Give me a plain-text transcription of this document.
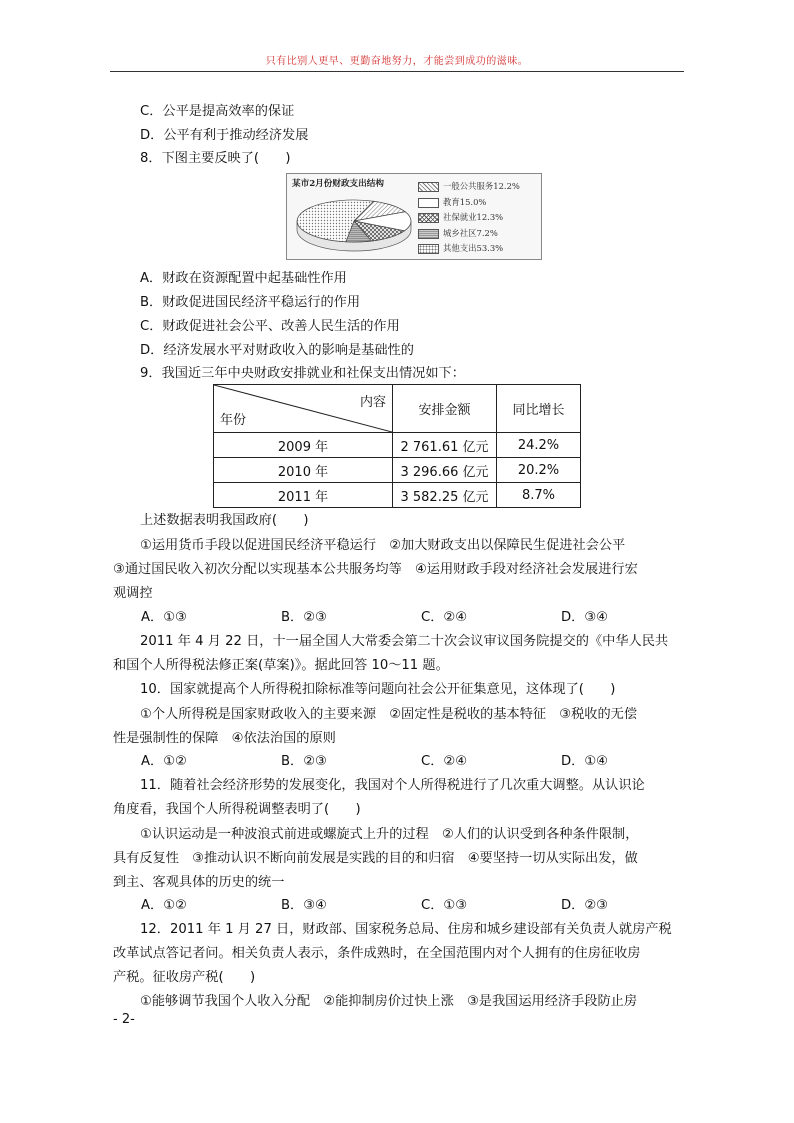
只有比别人更早、更勤奋地努力，才能尝到成功的滋味。
C．公平是提高效率的保证
D．公平有利于推动经济发展
8．下图主要反映了(　　)
某市2月份财政支出结构	一般公共服务12.2%
教育15.0%
社保就业12.3%
城乡社区7.2%
其他支出53.3%
A．财政在资源配置中起基础性作用
B．财政促进国民经济平稳运行的作用
C．财政促进社会公平、改善人民生活的作用
D．经济发展水平对财政收入的影响是基础性的
9．我国近三年中央财政安排就业和社保支出情况如下：
内容
年份	安排金额	同比增长
2009 年	2 761.61 亿元	24.2%
2010 年	3 296.66 亿元	20.2%
2011 年	3 582.25 亿元	8.7%
上述数据表明我国政府(　　)
①运用货币手段以促进国民经济平稳运行　②加大财政支出以保障民生促进社会公平
③通过国民收入初次分配以实现基本公共服务均等　④运用财政手段对经济社会发展进行宏
观调控
A．①③	B．②③	C．②④	D．③④
2011 年 4 月 22 日，十一届全国人大常委会第二十次会议审议国务院提交的《中华人民共
和国个人所得税法修正案(草案)》。据此回答 10～11 题。
10．国家就提高个人所得税扣除标准等问题向社会公开征集意见，这体现了(　　)
①个人所得税是国家财政收入的主要来源　②固定性是税收的基本特征　③税收的无偿
性是强制性的保障　④依法治国的原则
A．①②	B．②③	C．②④	D．①④
11．随着社会经济形势的发展变化，我国对个人所得税进行了几次重大调整。从认识论
角度看，我国个人所得税调整表明了(　　)
①认识运动是一种波浪式前进或螺旋式上升的过程　②人们的认识受到各种条件限制，
具有反复性　③推动认识不断向前发展是实践的目的和归宿　④要坚持一切从实际出发，做
到主、客观具体的历史的统一
A．①②	B．③④	C．①③	D．②③
12．2011 年 1 月 27 日，财政部、国家税务总局、住房和城乡建设部有关负责人就房产税
改革试点答记者问。相关负责人表示，条件成熟时，在全国范围内对个人拥有的住房征收房
产税。征收房产税(　　)
①能够调节我国个人收入分配　②能抑制房价过快上涨　③是我国运用经济手段防止房
- 2-
